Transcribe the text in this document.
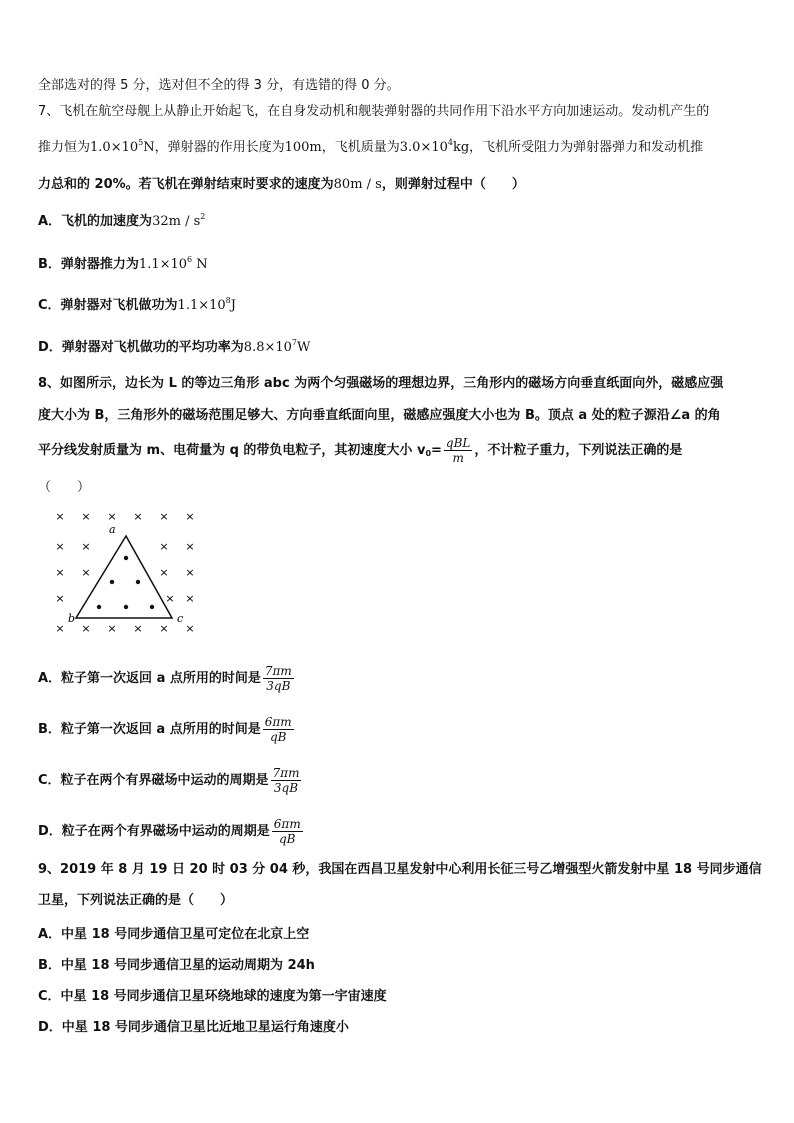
全部选对的得 5 分，选对但不全的得 3 分，有选错的得 0 分。
7、飞机在航空母舰上从静止开始起飞，在自身发动机和舰装弹射器的共同作用下沿水平方向加速运动。发动机产生的
推力恒为$1.0\times 10^5N$，弹射器的作用长度为100m，飞机质量为$3.0\times 10^4kg$，飞机所受阻力为弹射器弹力和发动机推
力总和的 20%。若飞机在弹射结束时要求的速度为80m / s，则弹射过程中（　　）
A．飞机的加速度为$32m / s^2$
B．弹射器推力为$1.1\times 10^6$ N
C．弹射器对飞机做功为$1.1\times 10^8J$
D．弹射器对飞机做功的平均功率为$8.8\times 10^7W$
8、如图所示，边长为 L 的等边三角形 abc 为两个匀强磁场的理想边界，三角形内的磁场方向垂直纸面向外，磁感应强
度大小为 B，三角形外的磁场范围足够大、方向垂直纸面向里，磁感应强度大小也为 B。顶点 a 处的粒子源沿∠a 的角
平分线发射质量为 m、电荷量为 q 的带负电粒子，其初速度大小 $v_0= \frac{\text{qBL}}{m}$ ，不计粒子重力，下列说法正确的是
（　　）
a
b	c
× × × × × ×
× × × × × ×
× ×	× ×
× ×	× ×
×	×
×
A．粒子第一次返回 a 点所用的时间是 $\frac{7\pi m}{3qB}$
B．粒子第一次返回 a 点所用的时间是 $\frac{6\pi m}{qB}$
C．粒子在两个有界磁场中运动的周期是 $\frac{7\pi m}{3qB}$
D．粒子在两个有界磁场中运动的周期是 $\frac{6\pi m}{qB}$
9、2019 年 8 月 19 日 20 时 03 分 04 秒，我国在西昌卫星发射中心利用长征三号乙增强型火箭发射中星 18 号同步通信
卫星，下列说法正确的是（　　）
A．中星 18 号同步通信卫星可定位在北京上空
B．中星 18 号同步通信卫星的运动周期为 24h
C．中星 18 号同步通信卫星环绕地球的速度为第一宇宙速度
D．中星 18 号同步通信卫星比近地卫星运行角速度小
